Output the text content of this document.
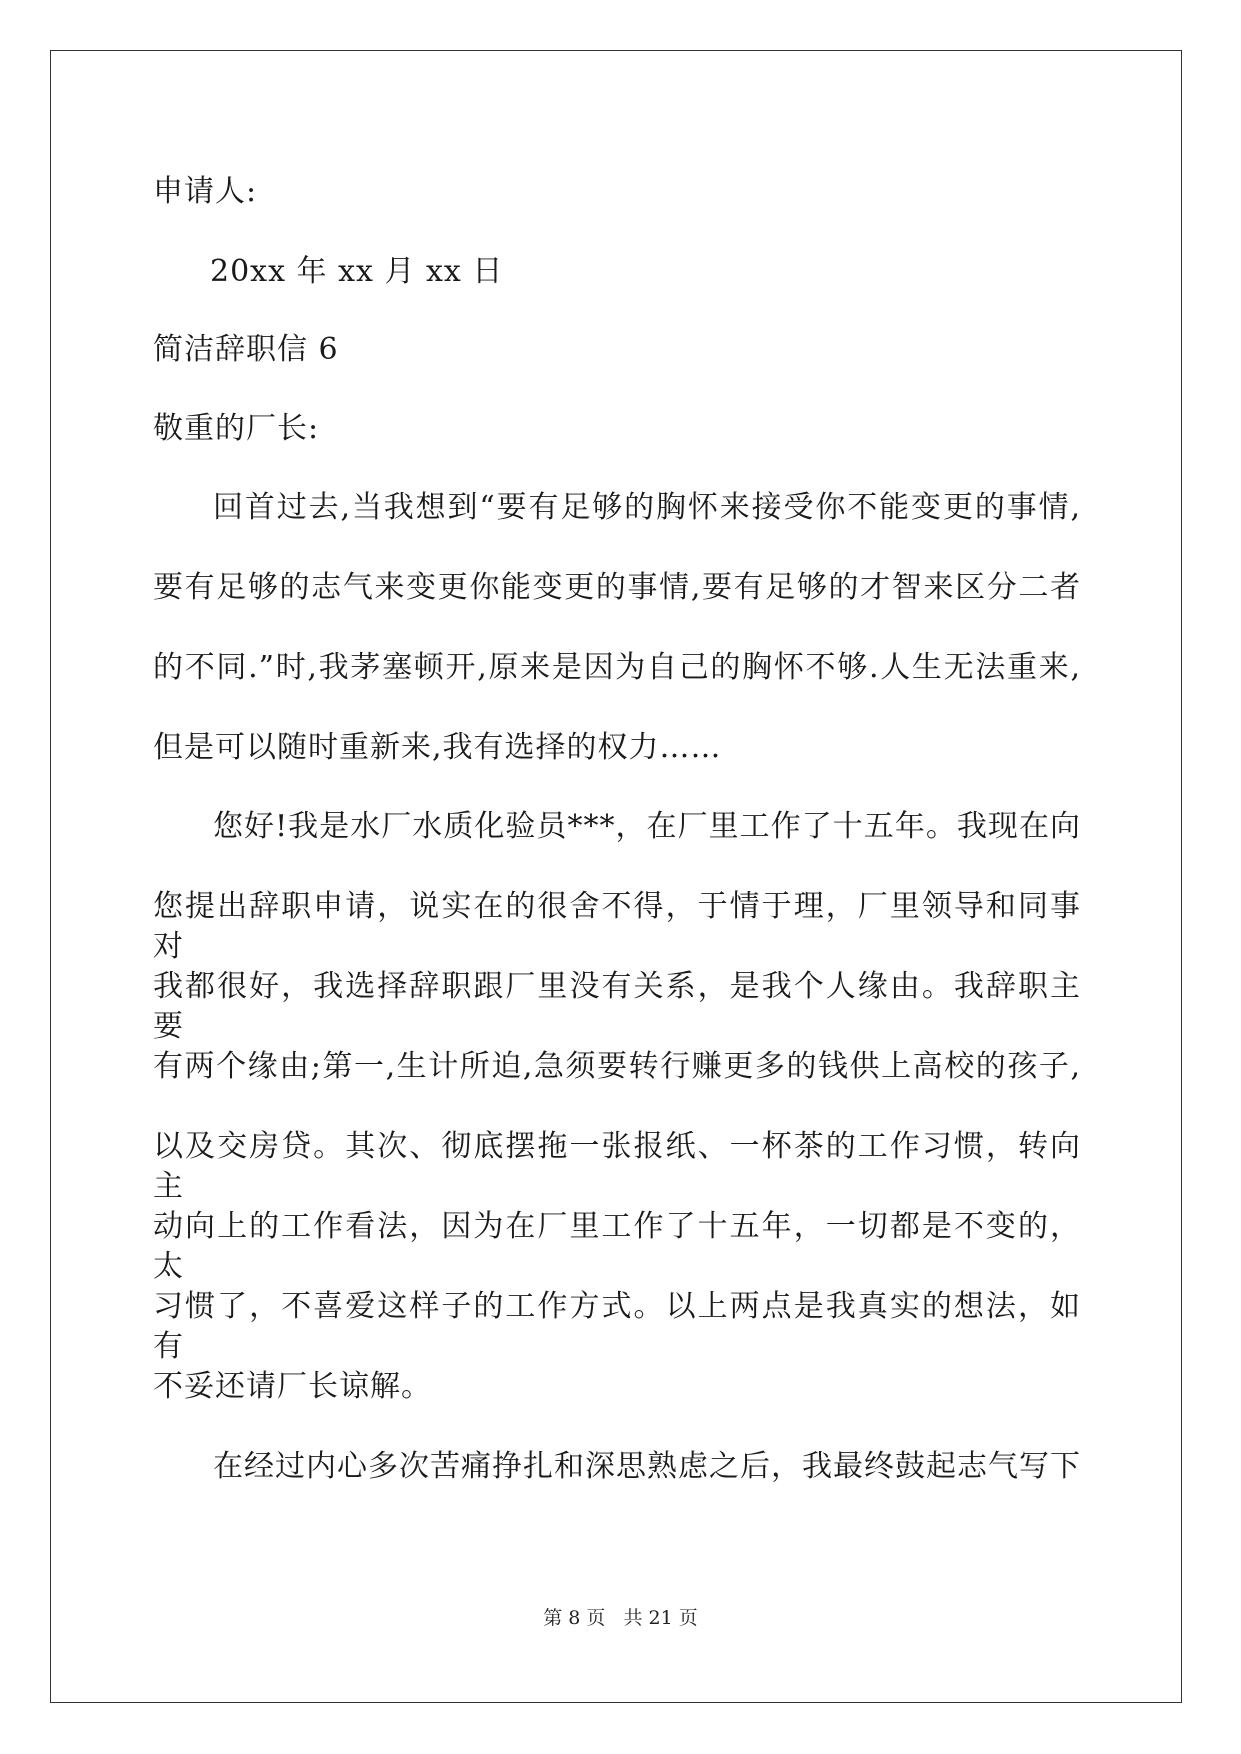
申请人:
20xx 年 xx 月 xx 日
简洁辞职信 6
敬重的厂长:
回首过去,当我想到“要有足够的胸怀来接受你不能变更的事情,
要有足够的志气来变更你能变更的事情,要有足够的才智来区分二者
的不同.”时,我茅塞顿开,原来是因为自己的胸怀不够.人生无法重来,
但是可以随时重新来,我有选择的权力……
您好!我是水厂水质化验员***，在厂里工作了十五年。我现在向
您提出辞职申请，说实在的很舍不得，于情于理，厂里领导和同事对
我都很好，我选择辞职跟厂里没有关系，是我个人缘由。我辞职主要
有两个缘由;第一,生计所迫,急须要转行赚更多的钱供上高校的孩子,
以及交房贷。其次、彻底摆拖一张报纸、一杯茶的工作习惯，转向主
动向上的工作看法，因为在厂里工作了十五年，一切都是不变的，太
习惯了，不喜爱这样子的工作方式。以上两点是我真实的想法，如有
不妥还请厂长谅解。
在经过内心多次苦痛挣扎和深思熟虑之后，我最终鼓起志气写下
第 8 页 共 21 页
